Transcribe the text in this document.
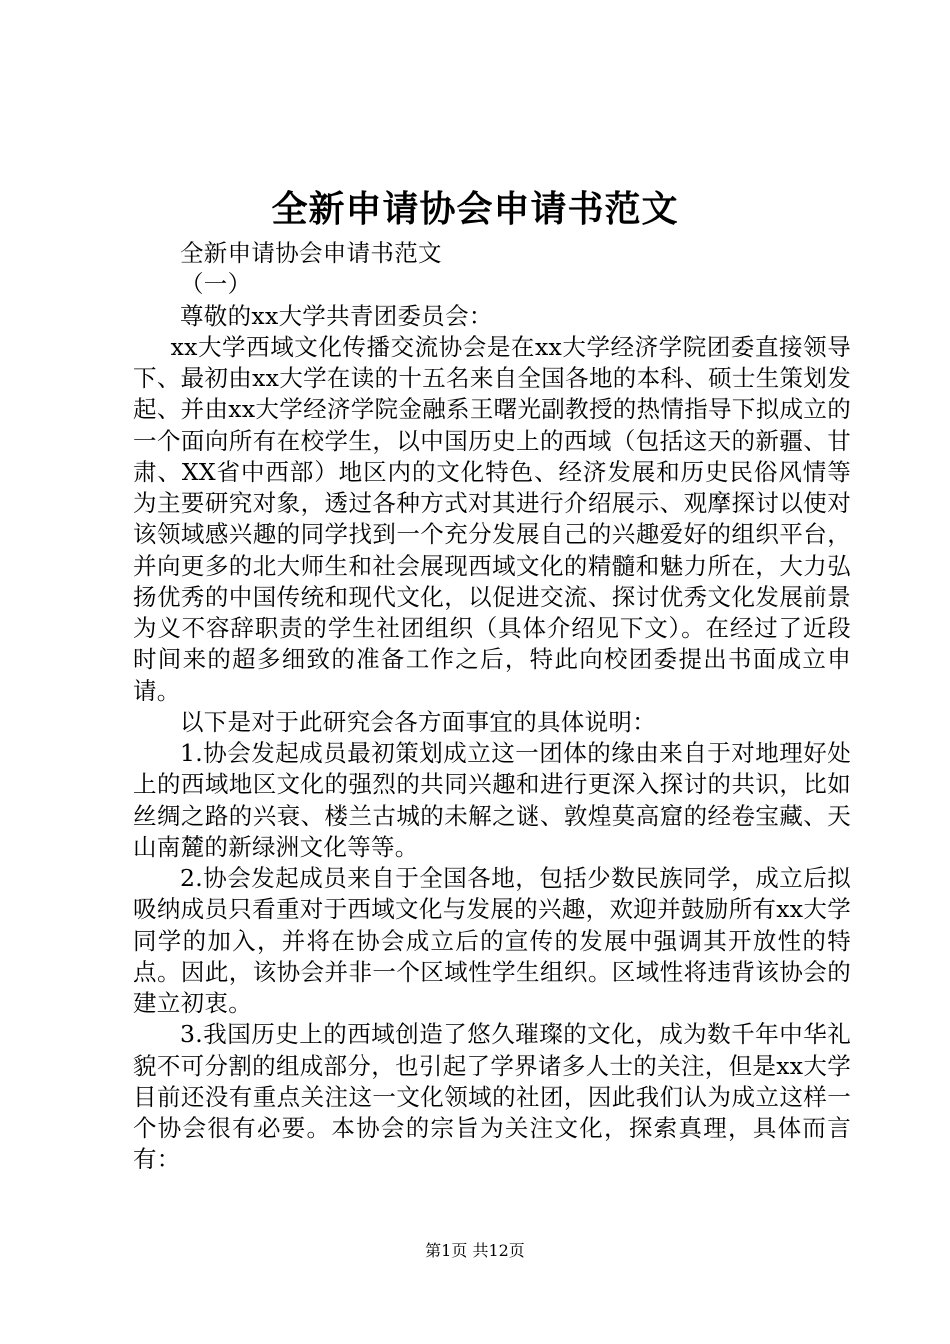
全新申请协会申请书范文

全新申请协会申请书范文

（一）

尊敬的xx大学共青团委员会：

xx大学西域文化传播交流协会是在xx大学经济学院团委直接领导下、最初由xx大学在读的十五名来自全国各地的本科、硕士生策划发起、并由xx大学经济学院金融系王曙光副教授的热情指导下拟成立的一个面向所有在校学生，以中国历史上的西域（包括这天的新疆、甘肃、XX省中西部）地区内的文化特色、经济发展和历史民俗风情等为主要研究对象，透过各种方式对其进行介绍展示、观摩探讨以使对该领域感兴趣的同学找到一个充分发展自己的兴趣爱好的组织平台，并向更多的北大师生和社会展现西域文化的精髓和魅力所在，大力弘扬优秀的中国传统和现代文化，以促进交流、探讨优秀文化发展前景为义不容辞职责的学生社团组织（具体介绍见下文）。在经过了近段时间来的超多细致的准备工作之后，特此向校团委提出书面成立申请。

以下是对于此研究会各方面事宜的具体说明：

1.协会发起成员最初策划成立这一团体的缘由来自于对地理好处上的西域地区文化的强烈的共同兴趣和进行更深入探讨的共识，比如丝绸之路的兴衰、楼兰古城的未解之谜、敦煌莫高窟的经卷宝藏、天山南麓的新绿洲文化等等。

2.协会发起成员来自于全国各地，包括少数民族同学，成立后拟吸纳成员只看重对于西域文化与发展的兴趣，欢迎并鼓励所有xx大学同学的加入，并将在协会成立后的宣传的发展中强调其开放性的特点。因此，该协会并非一个区域性学生组织。区域性将违背该协会的建立初衷。

3.我国历史上的西域创造了悠久璀璨的文化，成为数千年中华礼貌不可分割的组成部分，也引起了学界诸多人士的关注，但是xx大学目前还没有重点关注这一文化领域的社团，因此我们认为成立这样一个协会很有必要。本协会的宗旨为关注文化，探索真理，具体而言有：

第1页 共12页
